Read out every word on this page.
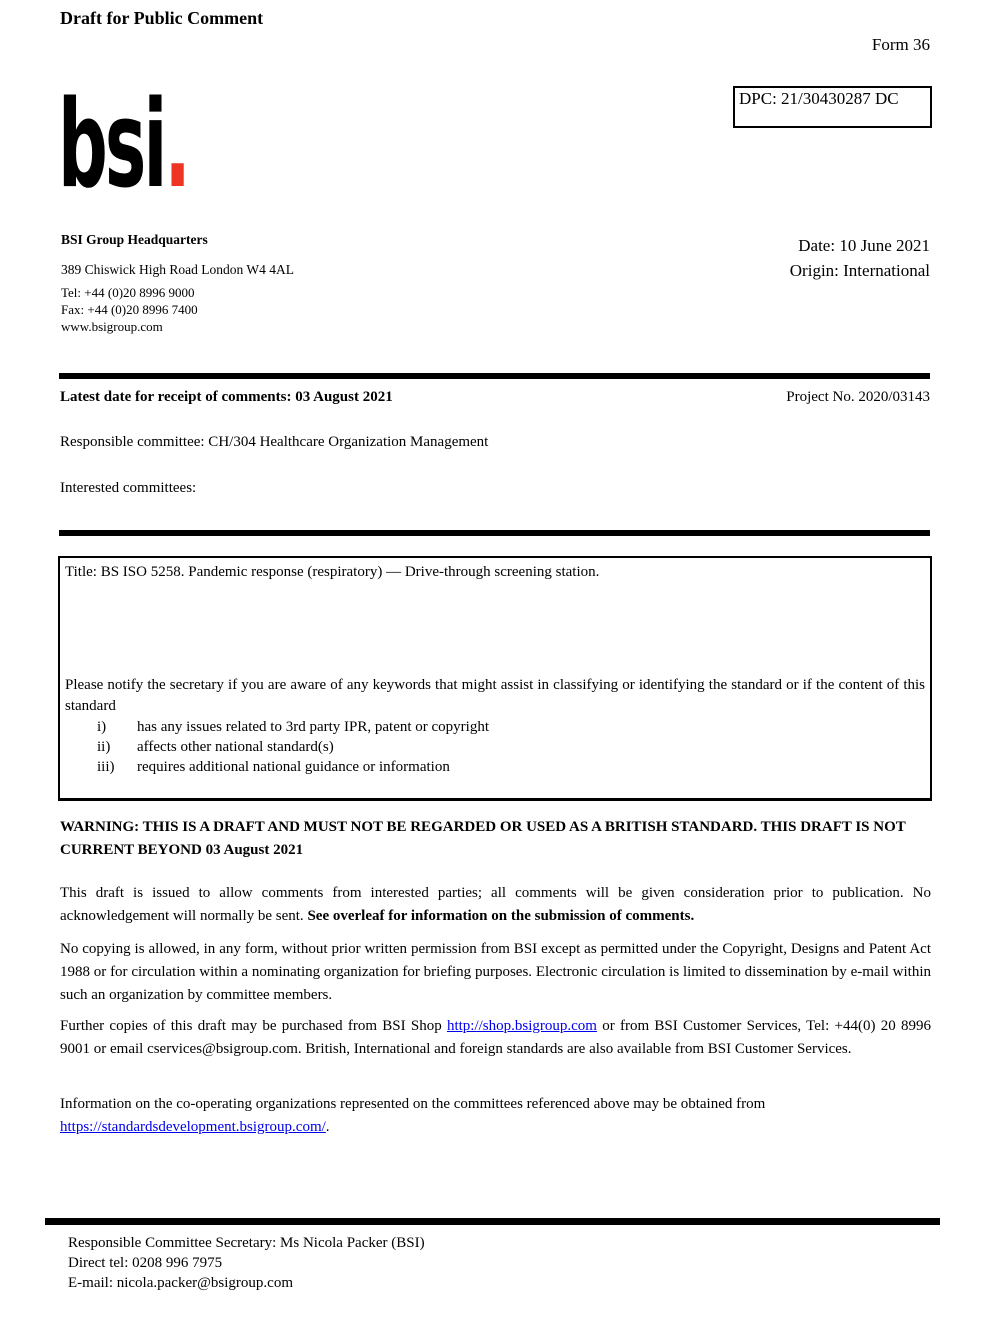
Draft for Public Comment
Form 36
DPC: 21/30430287 DC
bsi.
BSI Group Headquarters
389 Chiswick High Road London W4 4AL
Tel: +44 (0)20 8996 9000
Fax: +44 (0)20 8996 7400
www.bsigroup.com
Date: 10 June 2021
Origin: International
Latest date for receipt of comments: 03 August 2021	Project No. 2020/03143
Responsible committee: CH/304 Healthcare Organization Management
Interested committees:
Title: BS ISO 5258. Pandemic response (respiratory) — Drive-through screening station.
Please notify the secretary if you are aware of any keywords that might assist in classifying or identifying the standard or if the content of this standard
i)	has any issues related to 3rd party IPR, patent or copyright
ii)	affects other national standard(s)
iii)	requires additional national guidance or information
WARNING: THIS IS A DRAFT AND MUST NOT BE REGARDED OR USED AS A BRITISH STANDARD. THIS DRAFT IS NOT CURRENT BEYOND 03 August 2021
This draft is issued to allow comments from interested parties; all comments will be given consideration prior to publication. No acknowledgement will normally be sent. See overleaf for information on the submission of comments.
No copying is allowed, in any form, without prior written permission from BSI except as permitted under the Copyright, Designs and Patent Act 1988 or for circulation within a nominating organization for briefing purposes. Electronic circulation is limited to dissemination by e-mail within such an organization by committee members.
Further copies of this draft may be purchased from BSI Shop http://shop.bsigroup.com or from BSI Customer Services, Tel: +44(0) 20 8996 9001 or email cservices@bsigroup.com. British, International and foreign standards are also available from BSI Customer Services.
Information on the co-operating organizations represented on the committees referenced above may be obtained from https://standardsdevelopment.bsigroup.com/.
Responsible Committee Secretary: Ms Nicola Packer (BSI)
Direct tel: 0208 996 7975
E-mail: nicola.packer@bsigroup.com
